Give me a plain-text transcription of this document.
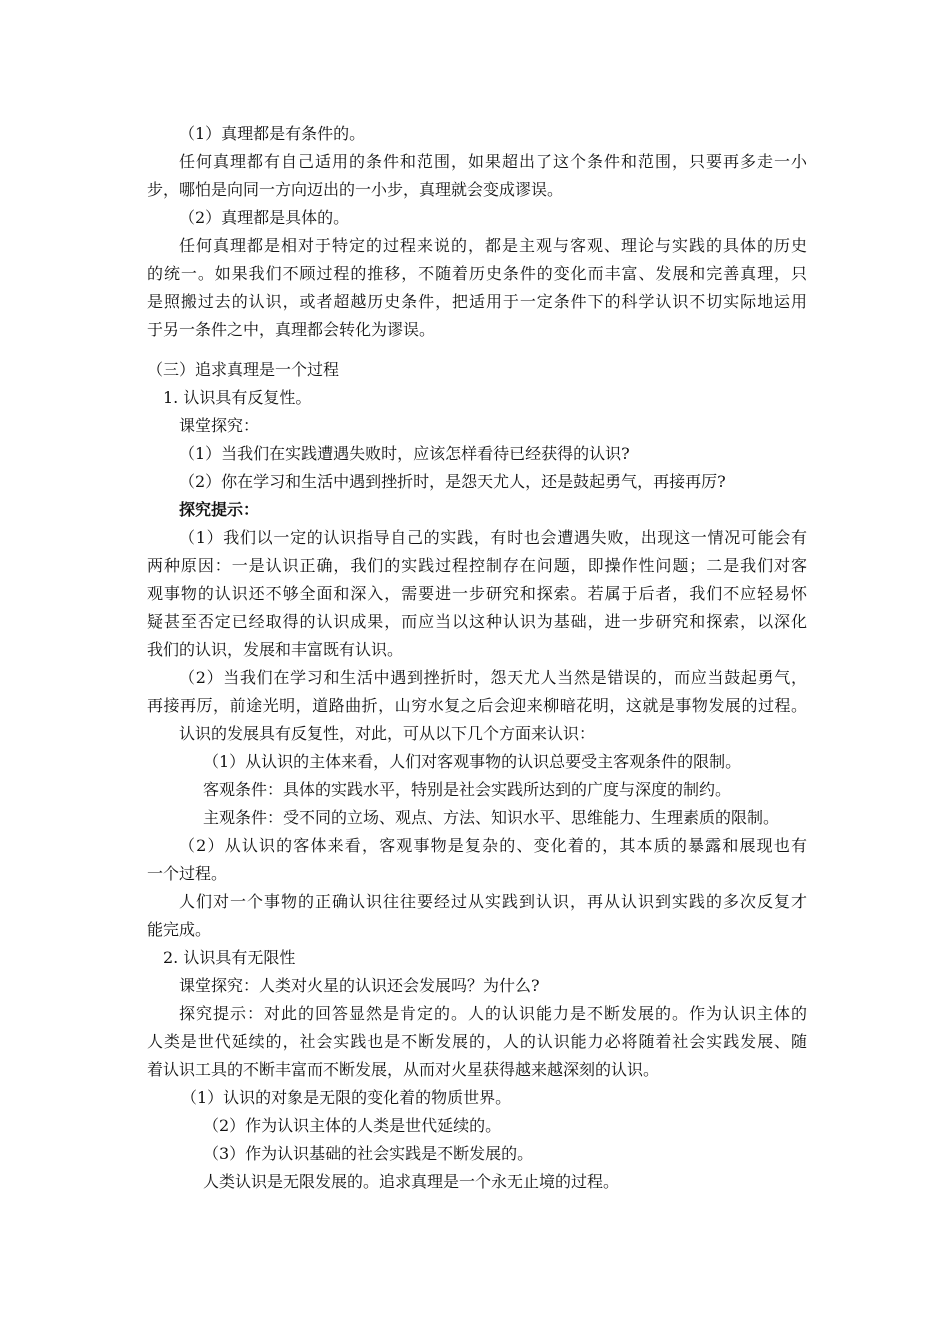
（1）真理都是有条件的。
任何真理都有自己适用的条件和范围，如果超出了这个条件和范围，只要再多走一小
步，哪怕是向同一方向迈出的一小步，真理就会变成谬误。
（2）真理都是具体的。
任何真理都是相对于特定的过程来说的，都是主观与客观、理论与实践的具体的历史
的统一。如果我们不顾过程的推移，不随着历史条件的变化而丰富、发展和完善真理，只
是照搬过去的认识，或者超越历史条件，把适用于一定条件下的科学认识不切实际地运用
于另一条件之中，真理都会转化为谬误。
（三）追求真理是一个过程
1. 认识具有反复性。
课堂探究：
（1）当我们在实践遭遇失败时，应该怎样看待已经获得的认识?
（2）你在学习和生活中遇到挫折时，是怨天尤人，还是鼓起勇气，再接再厉?
探究提示：
（1）我们以一定的认识指导自己的实践，有时也会遭遇失败，出现这一情况可能会有
两种原因：一是认识正确，我们的实践过程控制存在问题，即操作性问题；二是我们对客
观事物的认识还不够全面和深入，需要进一步研究和探索。若属于后者，我们不应轻易怀
疑甚至否定已经取得的认识成果，而应当以这种认识为基础，进一步研究和探索，以深化
我们的认识，发展和丰富既有认识。
（2）当我们在学习和生活中遇到挫折时，怨天尤人当然是错误的，而应当鼓起勇气，
再接再厉，前途光明，道路曲折，山穷水复之后会迎来柳暗花明，这就是事物发展的过程。
认识的发展具有反复性，对此，可从以下几个方面来认识：
（1）从认识的主体来看，人们对客观事物的认识总要受主客观条件的限制。
客观条件：具体的实践水平，特别是社会实践所达到的广度与深度的制约。
主观条件：受不同的立场、观点、方法、知识水平、思维能力、生理素质的限制。
（2）从认识的客体来看，客观事物是复杂的、变化着的，其本质的暴露和展现也有
一个过程。
人们对一个事物的正确认识往往要经过从实践到认识，再从认识到实践的多次反复才
能完成。
2. 认识具有无限性
课堂探究：人类对火星的认识还会发展吗？为什么?
探究提示：对此的回答显然是肯定的。人的认识能力是不断发展的。作为认识主体的
人类是世代延续的，社会实践也是不断发展的，人的认识能力必将随着社会实践发展、随
着认识工具的不断丰富而不断发展，从而对火星获得越来越深刻的认识。
（1）认识的对象是无限的变化着的物质世界。
（2）作为认识主体的人类是世代延续的。
（3）作为认识基础的社会实践是不断发展的。
人类认识是无限发展的。追求真理是一个永无止境的过程。
